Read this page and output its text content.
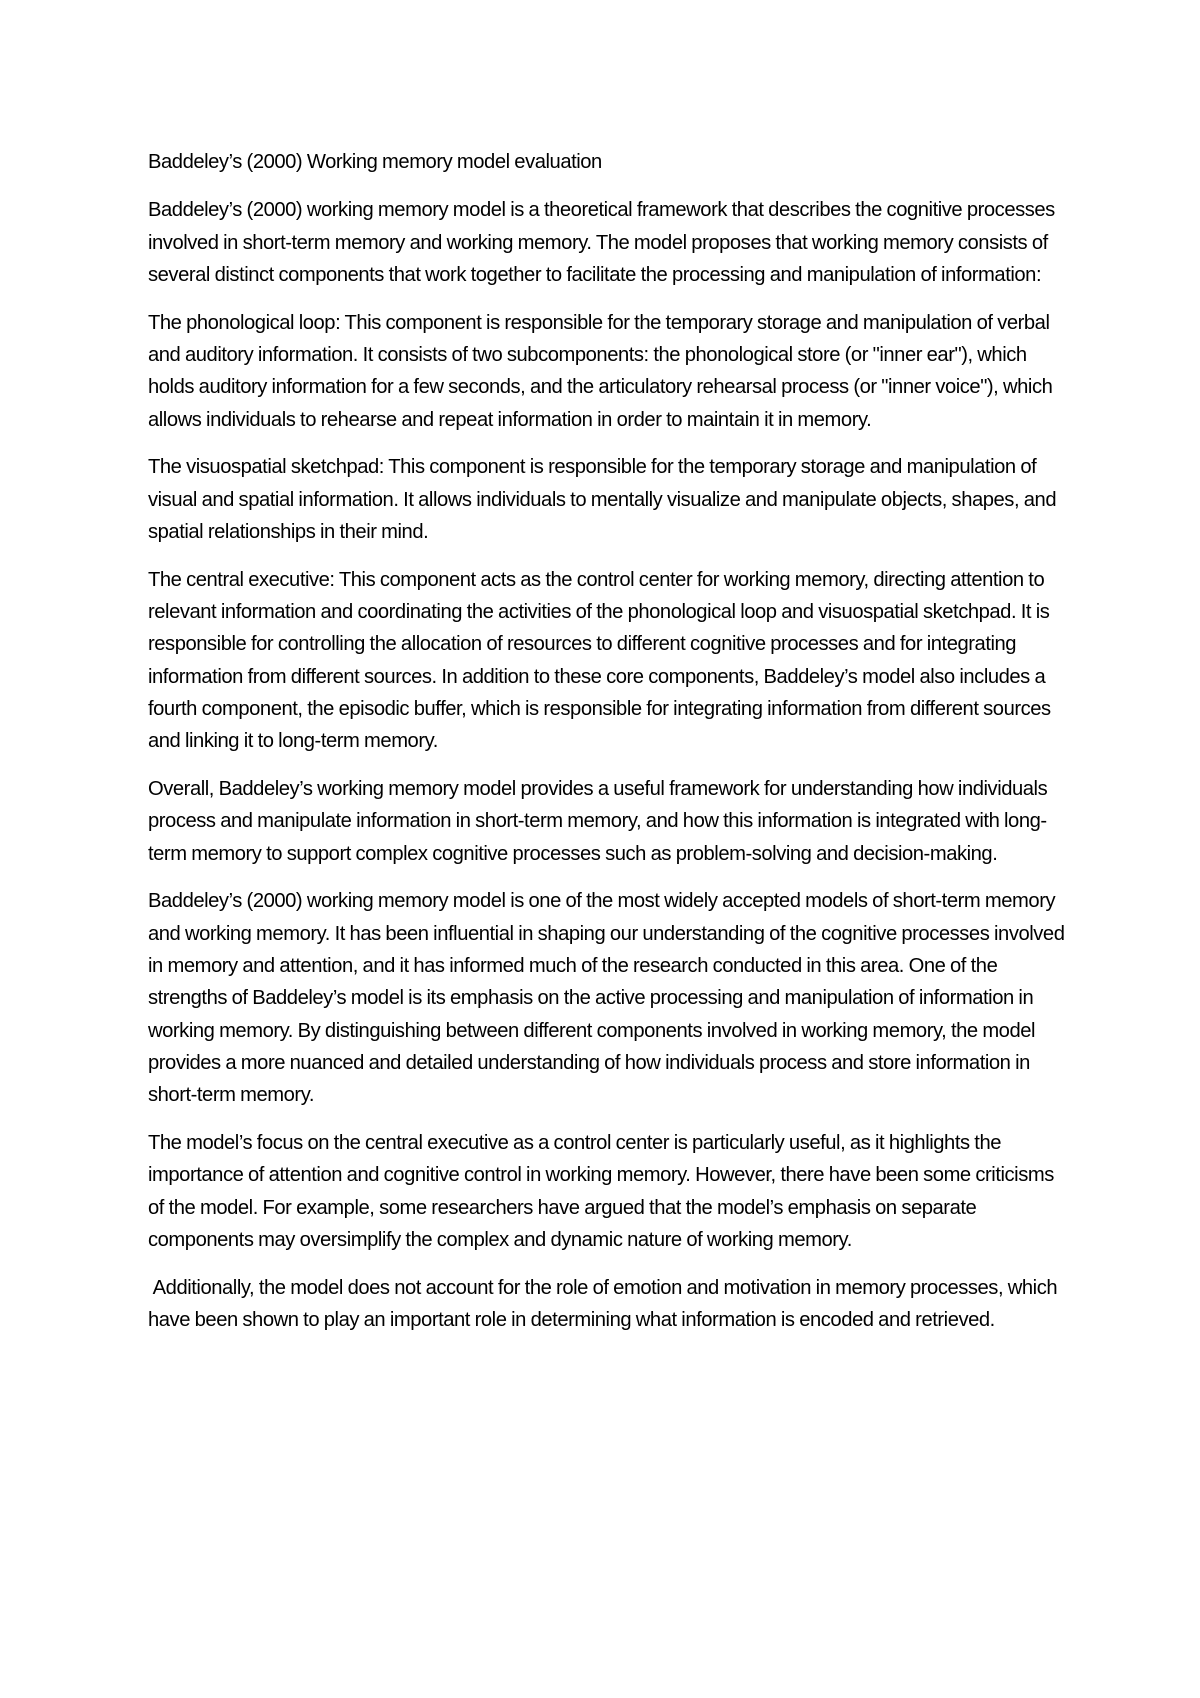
Baddeley’s (2000) Working memory model evaluation

Baddeley’s (2000) working memory model is a theoretical framework that describes the cognitive processes involved in short-term memory and working memory. The model proposes that working memory consists of several distinct components that work together to facilitate the processing and manipulation of information:

The phonological loop: This component is responsible for the temporary storage and manipulation of verbal and auditory information. It consists of two subcomponents: the phonological store (or "inner ear"), which holds auditory information for a few seconds, and the articulatory rehearsal process (or "inner voice"), which allows individuals to rehearse and repeat information in order to maintain it in memory.

The visuospatial sketchpad: This component is responsible for the temporary storage and manipulation of visual and spatial information. It allows individuals to mentally visualize and manipulate objects, shapes, and spatial relationships in their mind.

The central executive: This component acts as the control center for working memory, directing attention to relevant information and coordinating the activities of the phonological loop and visuospatial sketchpad. It is responsible for controlling the allocation of resources to different cognitive processes and for integrating information from different sources. In addition to these core components, Baddeley’s model also includes a fourth component, the episodic buffer, which is responsible for integrating information from different sources and linking it to long-term memory.

Overall, Baddeley’s working memory model provides a useful framework for understanding how individuals process and manipulate information in short-term memory, and how this information is integrated with long-term memory to support complex cognitive processes such as problem-solving and decision-making.

Baddeley’s (2000) working memory model is one of the most widely accepted models of short-term memory and working memory. It has been influential in shaping our understanding of the cognitive processes involved in memory and attention, and it has informed much of the research conducted in this area. One of the strengths of Baddeley’s model is its emphasis on the active processing and manipulation of information in working memory. By distinguishing between different components involved in working memory, the model provides a more nuanced and detailed understanding of how individuals process and store information in short-term memory.

The model’s focus on the central executive as a control center is particularly useful, as it highlights the importance of attention and cognitive control in working memory. However, there have been some criticisms of the model. For example, some researchers have argued that the model’s emphasis on separate components may oversimplify the complex and dynamic nature of working memory.

Additionally, the model does not account for the role of emotion and motivation in memory processes, which have been shown to play an important role in determining what information is encoded and retrieved.
